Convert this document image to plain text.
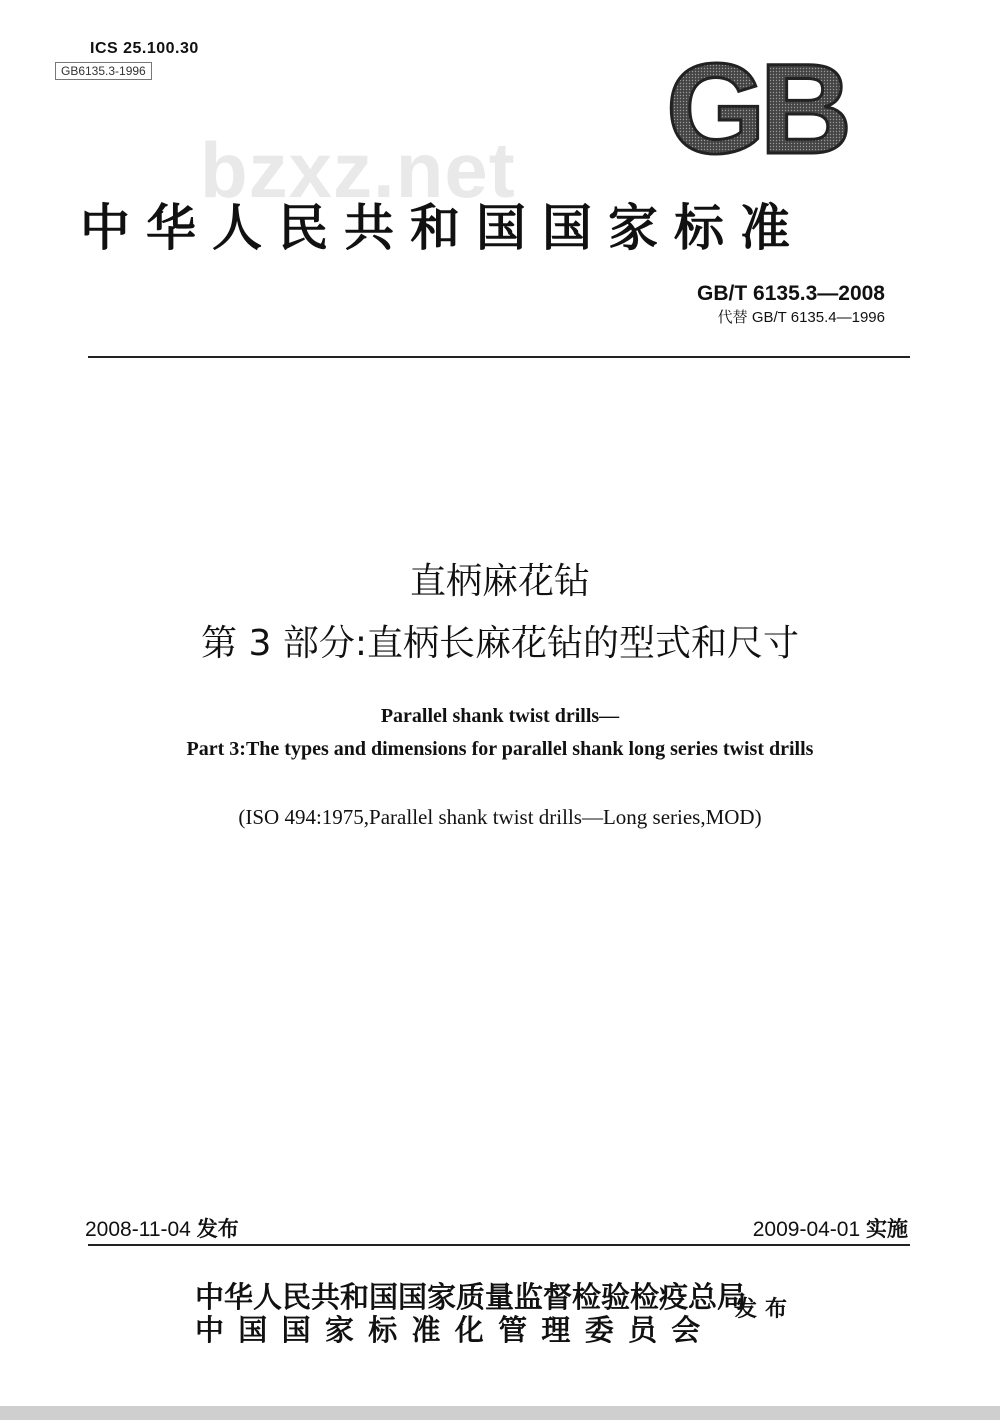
ICS 25.100.30
GB6135.3-1996	GB
bzxz.net
中华人民共和国国家标准
GB/T 6135.3—2008
代替 GB/T 6135.4—1996
直柄麻花钻
第 3 部分:直柄长麻花钻的型式和尺寸
Parallel shank twist drills—
Part 3:The types and dimensions for parallel shank long series twist drills
(ISO 494:1975,Parallel shank twist drills—Long series,MOD)
2008-11-04 发布	2009-04-01 实施
中华人民共和国国家质量监督检验检疫总局
中国国家标准化管理委员会
发布
